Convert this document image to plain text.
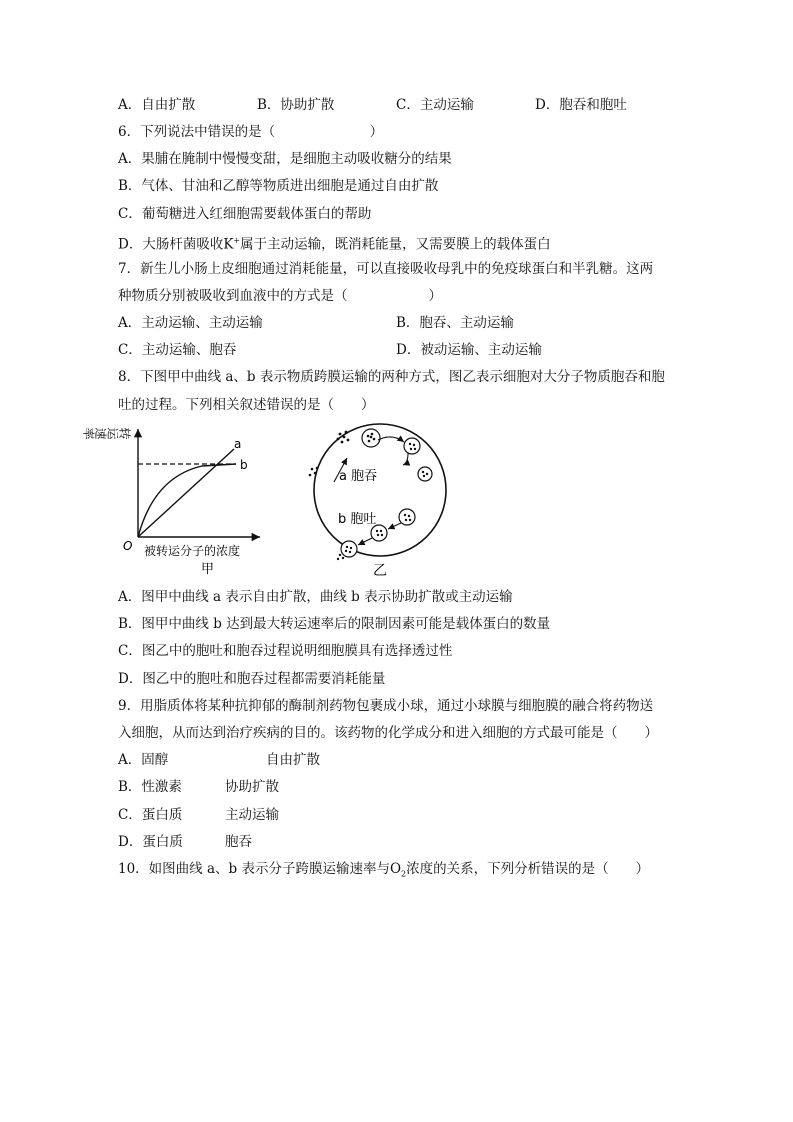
A．自由扩散	B．协助扩散	C．主动运输	D．胞吞和胞吐
6．下列说法中错误的是（　　　　　　　）
A．果脯在腌制中慢慢变甜，是细胞主动吸收糖分的结果
B．气体、甘油和乙醇等物质进出细胞是通过自由扩散
C．葡萄糖进入红细胞需要载体蛋白的帮助
D．大肠杆菌吸收K+属于主动运输，既消耗能量，又需要膜上的载体蛋白
7．新生儿小肠上皮细胞通过消耗能量，可以直接吸收母乳中的免疫球蛋白和半乳糖。这两
种物质分别被吸收到血液中的方式是（　　　　　　）
A．主动运输、主动运输	B．胞吞、主动运输
C．主动运输、胞吞	D．被动运输、主动运输
8．下图甲中曲线 a、b 表示物质跨膜运输的两种方式，图乙表示细胞对大分子物质胞吞和胞
吐的过程。下列相关叙述错误的是（　　）
a
b
转运速率
O 被转运分子的浓度
甲
a 胞吞
b 胞吐
乙
A．图甲中曲线 a 表示自由扩散，曲线 b 表示协助扩散或主动运输
B．图甲中曲线 b 达到最大转运速率后的限制因素可能是载体蛋白的数量
C．图乙中的胞吐和胞吞过程说明细胞膜具有选择透过性
D．图乙中的胞吐和胞吞过程都需要消耗能量
9．用脂质体将某种抗抑郁的酶制剂药物包裹成小球，通过小球膜与细胞膜的融合将药物送
入细胞，从而达到治疗疾病的目的。该药物的化学成分和进入细胞的方式最可能是（　　）
A．固醇	自由扩散
B．性激素	协助扩散
C．蛋白质	主动运输
D．蛋白质	胞吞
10．如图曲线 a、b 表示分子跨膜运输速率与$O_2$浓度的关系，下列分析错误的是（　　）
